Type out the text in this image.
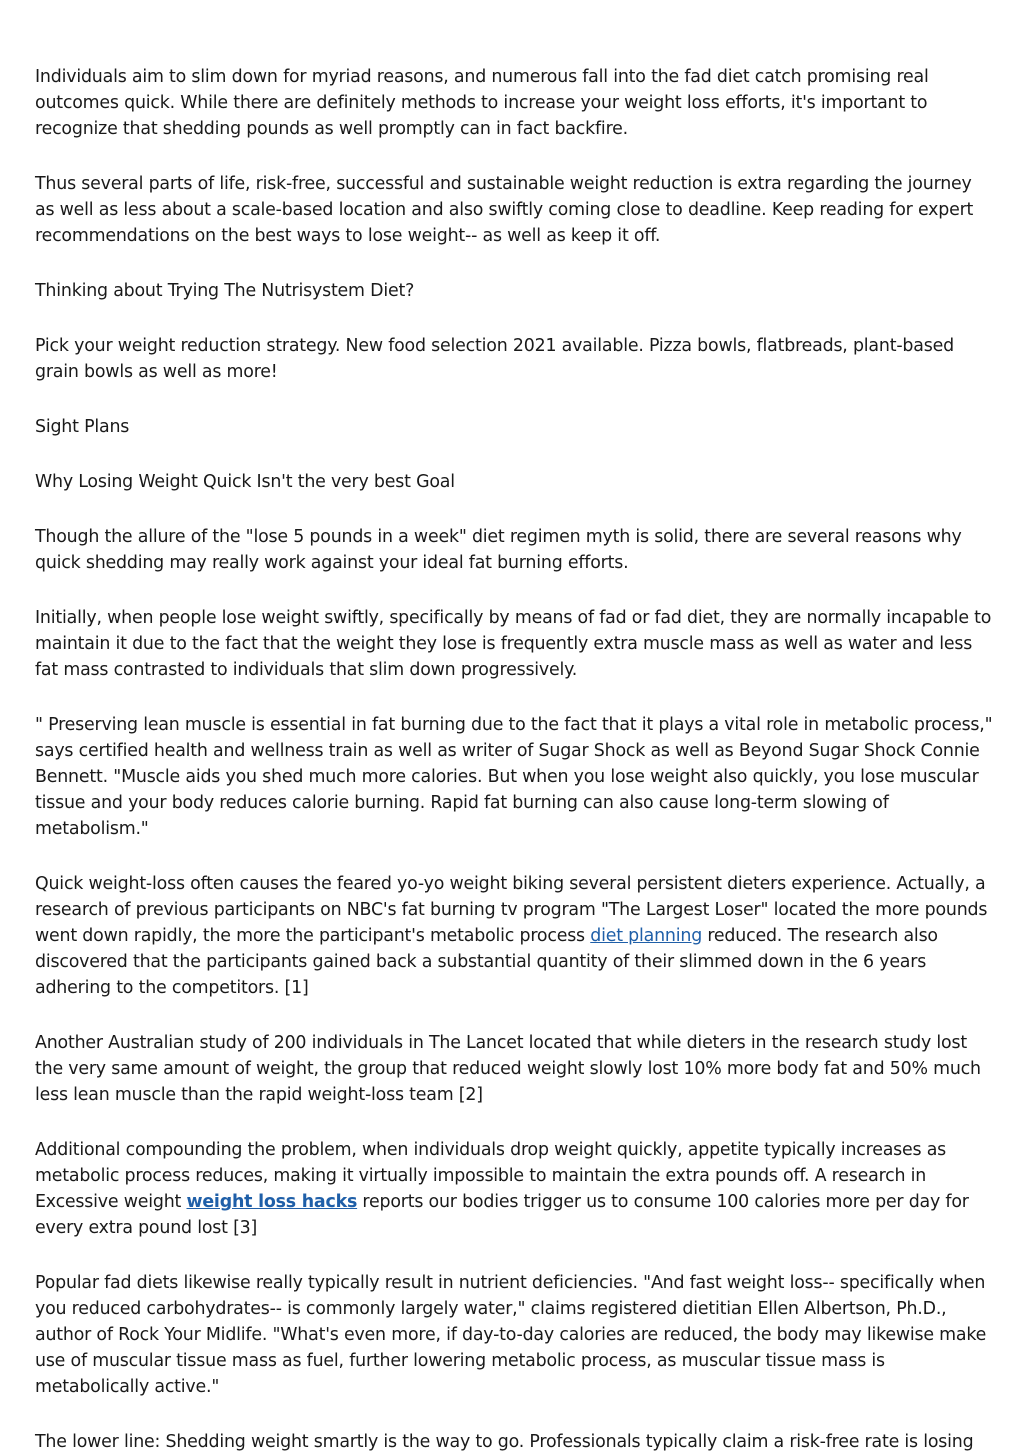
Individuals aim to slim down for myriad reasons, and numerous fall into the fad diet catch promising real outcomes quick. While there are definitely methods to increase your weight loss efforts, it's important to recognize that shedding pounds as well promptly can in fact backfire.

Thus several parts of life, risk-free, successful and sustainable weight reduction is extra regarding the journey as well as less about a scale-based location and also swiftly coming close to deadline. Keep reading for expert recommendations on the best ways to lose weight-- as well as keep it off.

Thinking about Trying The Nutrisystem Diet?

Pick your weight reduction strategy. New food selection 2021 available. Pizza bowls, flatbreads, plant-based grain bowls as well as more!

Sight Plans

Why Losing Weight Quick Isn't the very best Goal

Though the allure of the "lose 5 pounds in a week" diet regimen myth is solid, there are several reasons why quick shedding may really work against your ideal fat burning efforts.

Initially, when people lose weight swiftly, specifically by means of fad or fad diet, they are normally incapable to maintain it due to the fact that the weight they lose is frequently extra muscle mass as well as water and less fat mass contrasted to individuals that slim down progressively.

" Preserving lean muscle is essential in fat burning due to the fact that it plays a vital role in metabolic process," says certified health and wellness train as well as writer of Sugar Shock as well as Beyond Sugar Shock Connie Bennett. "Muscle aids you shed much more calories. But when you lose weight also quickly, you lose muscular tissue and your body reduces calorie burning. Rapid fat burning can also cause long-term slowing of metabolism."

Quick weight-loss often causes the feared yo-yo weight biking several persistent dieters experience. Actually, a research of previous participants on NBC's fat burning tv program "The Largest Loser" located the more pounds went down rapidly, the more the participant's metabolic process diet planning reduced. The research also discovered that the participants gained back a substantial quantity of their slimmed down in the 6 years adhering to the competitors. [1]

Another Australian study of 200 individuals in The Lancet located that while dieters in the research study lost the very same amount of weight, the group that reduced weight slowly lost 10% more body fat and 50% much less lean muscle than the rapid weight-loss team [2]

Additional compounding the problem, when individuals drop weight quickly, appetite typically increases as metabolic process reduces, making it virtually impossible to maintain the extra pounds off. A research in Excessive weight weight loss hacks reports our bodies trigger us to consume 100 calories more per day for every extra pound lost [3]

Popular fad diets likewise really typically result in nutrient deficiencies. "And fast weight loss-- specifically when you reduced carbohydrates-- is commonly largely water," claims registered dietitian Ellen Albertson, Ph.D., author of Rock Your Midlife. "What's even more, if day-to-day calories are reduced, the body may likewise make use of muscular tissue mass as fuel, further lowering metabolic process, as muscular tissue mass is metabolically active."

The lower line: Shedding weight smartly is the way to go. Professionals typically claim a risk-free rate is losing
